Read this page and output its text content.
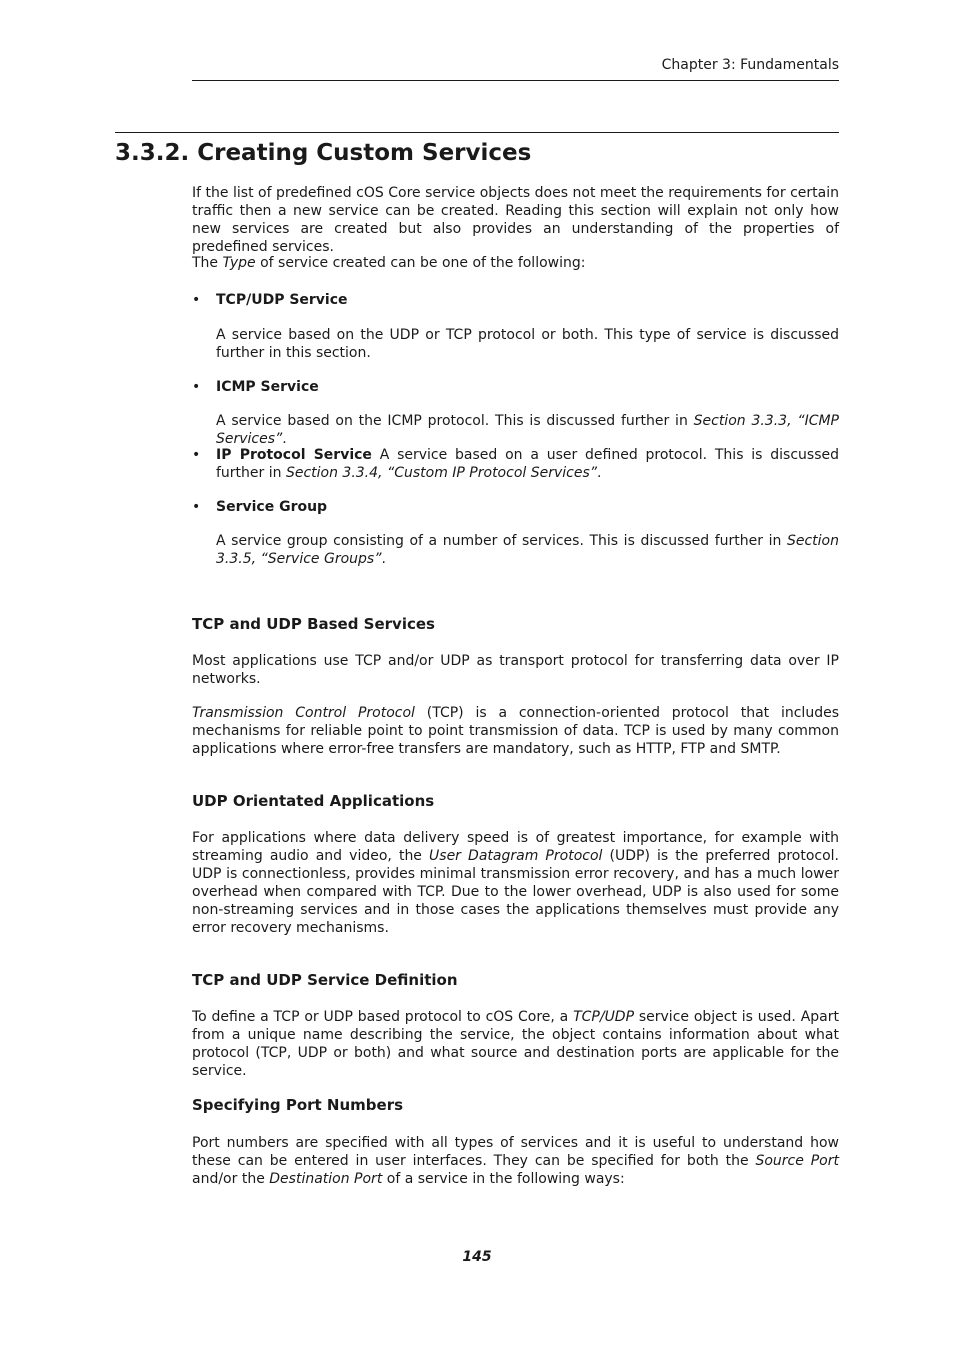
Chapter 3: Fundamentals
3.3.2. Creating Custom Services

If the list of predefined cOS Core service objects does not meet the requirements for certain traffic then a new service can be created. Reading this section will explain not only how new services are created but also provides an understanding of the properties of predefined services.

The Type of service created can be one of the following:

• TCP/UDP Service

A service based on the UDP or TCP protocol or both. This type of service is discussed further in this section.

• ICMP Service

A service based on the ICMP protocol. This is discussed further in Section 3.3.3, “ICMP Services”.

• IP Protocol Service A service based on a user defined protocol. This is discussed further in Section 3.3.4, “Custom IP Protocol Services”.

• Service Group

A service group consisting of a number of services. This is discussed further in Section 3.3.5, “Service Groups”.

TCP and UDP Based Services

Most applications use TCP and/or UDP as transport protocol for transferring data over IP networks.

Transmission Control Protocol (TCP) is a connection-oriented protocol that includes mechanisms for reliable point to point transmission of data. TCP is used by many common applications where error-free transfers are mandatory, such as HTTP, FTP and SMTP.

UDP Orientated Applications

For applications where data delivery speed is of greatest importance, for example with streaming audio and video, the User Datagram Protocol (UDP) is the preferred protocol. UDP is connectionless, provides minimal transmission error recovery, and has a much lower overhead when compared with TCP. Due to the lower overhead, UDP is also used for some non-streaming services and in those cases the applications themselves must provide any error recovery mechanisms.

TCP and UDP Service Definition

To define a TCP or UDP based protocol to cOS Core, a TCP/UDP service object is used. Apart from a unique name describing the service, the object contains information about what protocol (TCP, UDP or both) and what source and destination ports are applicable for the service.

Specifying Port Numbers

Port numbers are specified with all types of services and it is useful to understand how these can be entered in user interfaces. They can be specified for both the Source Port and/or the Destination Port of a service in the following ways:

145
